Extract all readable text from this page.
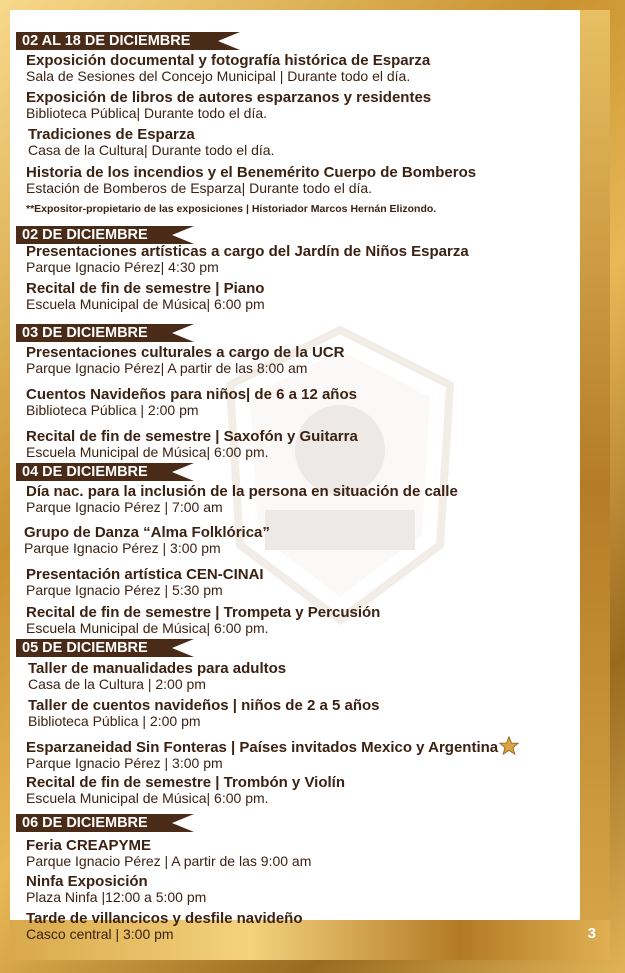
3
02 AL 18 DE DICIEMBRE
Exposición documental y fotografía histórica de Esparza
Sala de Sesiones del Concejo Municipal | Durante todo el día.
Exposición de libros de autores esparzanos y residentes
Biblioteca Pública| Durante todo el día.
Tradiciones de Esparza
Casa de la Cultura| Durante todo el día.
Historia de los incendios y el Benemérito Cuerpo de Bomberos
Estación de Bomberos de Esparza| Durante todo el día.
**Expositor-propietario de las exposiciones | Historiador Marcos Hernán Elizondo.
02 DE DICIEMBRE
Presentaciones artísticas a cargo del Jardín de Niños Esparza
Parque Ignacio Pérez| 4:30 pm
Recital de fin de semestre | Piano
Escuela Municipal de Música| 6:00 pm
03 DE DICIEMBRE
Presentaciones culturales a cargo de la UCR
Parque Ignacio Pérez| A partir de las 8:00 am
Cuentos Navideños para niños| de 6 a 12 años
Biblioteca Pública | 2:00 pm
Recital de fin de semestre | Saxofón y Guitarra
Escuela Municipal de Música| 6:00 pm.
04 DE DICIEMBRE
Día nac. para la inclusión de la persona en situación de calle
Parque Ignacio Pérez | 7:00 am
Grupo de Danza “Alma Folklórica”
Parque Ignacio Pérez | 3:00 pm
Presentación artística CEN-CINAI
Parque Ignacio Pérez | 5:30 pm
Recital de fin de semestre | Trompeta y Percusión
Escuela Municipal de Música| 6:00 pm.
05 DE DICIEMBRE
Taller de manualidades para adultos
Casa de la Cultura | 2:00 pm
Taller de cuentos navideños | niños de 2 a 5 años
Biblioteca Pública | 2:00 pm
Esparzaneidad Sin Fonteras | Países invitados Mexico y Argentina
Parque Ignacio Pérez | 3:00 pm
Recital de fin de semestre | Trombón y Violín
Escuela Municipal de Música| 6:00 pm.
06 DE DICIEMBRE
Feria CREAPYME
Parque Ignacio Pérez | A partir de las 9:00 am
Ninfa Exposición
Plaza Ninfa |12:00 a 5:00 pm
Tarde de villancicos y desfile navideño
Casco central | 3:00 pm
